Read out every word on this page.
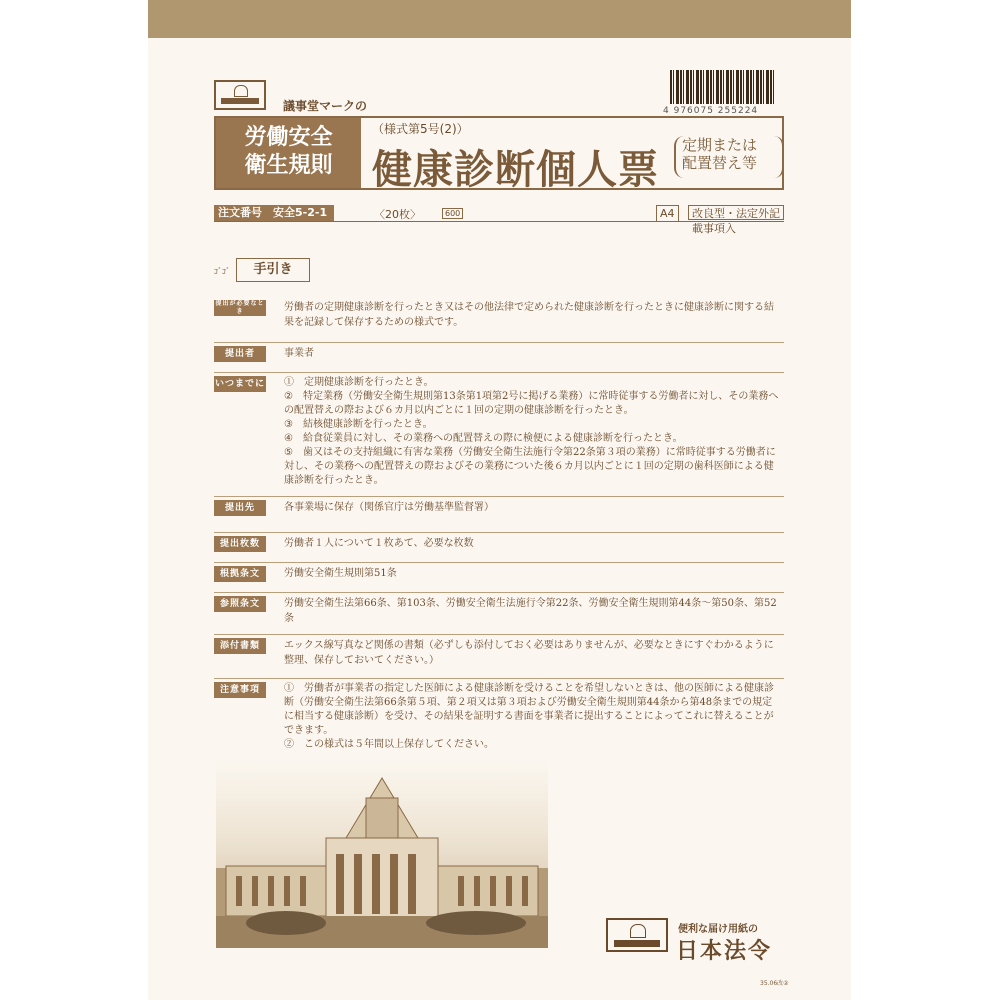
議事堂マークの	4 976075 255224
労働安全
衛生規則
（様式第5号(2)）
健康診断個人票
定期または
配置替え等
注文番号　安全5-2-1	〈20枚〉	600	A4	改良型・法定外記載事項入
ｺﾞｺﾞ	手引き
提出が必要なとき	労働者の定期健康診断を行ったとき又はその他法律で定められた健康診断を行ったときに健康診断に関する結果を記録して保存するための様式です。
提出者	事業者
いつまでに ①　定期健康診断を行ったとき。
②　特定業務（労働安全衛生規則第13条第1項第2号に掲げる業務）に常時従事する労働者に対し、その業務への配置替えの際および６カ月以内ごとに１回の定期の健康診断を行ったとき。
③　結核健康診断を行ったとき。
④　給食従業員に対し、その業務への配置替えの際に検便による健康診断を行ったとき。
⑤　歯又はその支持組織に有害な業務（労働安全衛生法施行令第22条第３項の業務）に常時従事する労働者に対し、その業務への配置替えの際およびその業務についた後６カ月以内ごとに１回の定期の歯科医師による健康診断を行ったとき。
提出先	各事業場に保存（関係官庁は労働基準監督署）
提出枚数	労働者１人について１枚あて、必要な枚数
根拠条文	労働安全衛生規則第51条
参照条文	労働安全衛生法第66条、第103条、労働安全衛生法施行令第22条、労働安全衛生規則第44条～第50条、第52条
添付書類	エックス線写真など関係の書類（必ずしも添付しておく必要はありませんが、必要なときにすぐわかるように整理、保存しておいてください。）
注意事項	①　労働者が事業者の指定した医師による健康診断を受けることを希望しないときは、他の医師による健康診断（労働安全衛生法第66条第５項、第２項又は第３項および労働安全衛生規則第44条から第48条までの規定に相当する健康診断）を受け、その結果を証明する書面を事業者に提出することによってこれに替えることができます。
②　この様式は５年間以上保存してください。
便利な届け用紙の
日本法令
35.06改②
